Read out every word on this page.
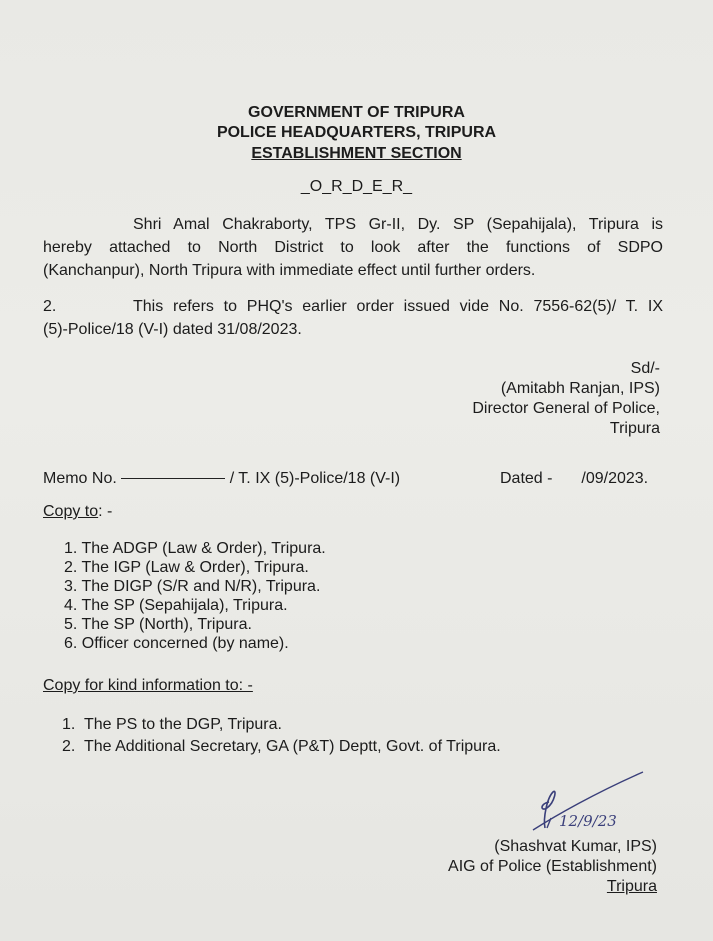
GOVERNMENT OF TRIPURA
POLICE HEADQUARTERS, TRIPURA
ESTABLISHMENT SECTION
_O_R_D_E_R_
Shri Amal Chakraborty, TPS Gr-II, Dy. SP (Sepahijala), Tripura is
hereby attached to North District to look after the functions of SDPO
(Kanchanpur), North Tripura with immediate effect until further orders.
2.	This refers to PHQ's earlier order issued vide No. 7556-62(5)/ T. IX
(5)-Police/18 (V-I) dated 31/08/2023.
Sd/-
(Amitabh Ranjan, IPS)
Director General of Police,
Tripura
Memo No.	/ T. IX (5)-Police/18 (V-I)	Dated - /09/2023.
Copy to: -
1. The ADGP (Law & Order), Tripura.
2. The IGP (Law & Order), Tripura.
3. The DIGP (S/R and N/R), Tripura.
4. The SP (Sepahijala), Tripura.
5. The SP (North), Tripura.
6. Officer concerned (by name).
Copy for kind information to: -
1.  The PS to the DGP, Tripura.
2.  The Additional Secretary, GA (P&T) Deptt, Govt. of Tripura.
12/9/23
(Shashvat Kumar, IPS)
AIG of Police (Establishment)
Tripura
